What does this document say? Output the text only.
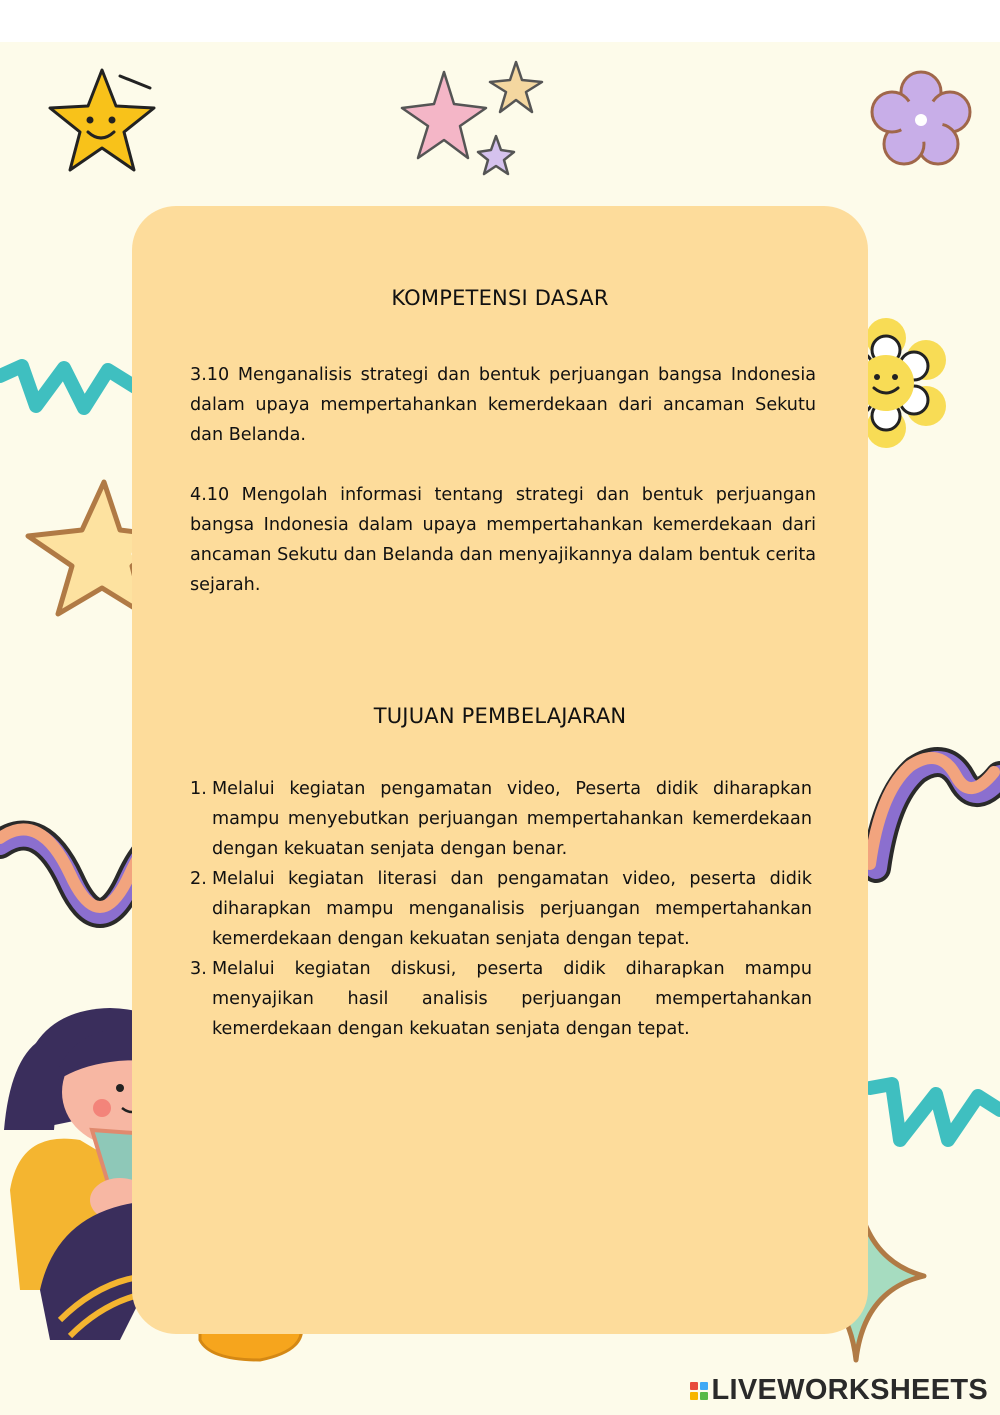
KOMPETENSI DASAR

3.10 Menganalisis strategi dan bentuk perjuangan bangsa Indonesia dalam upaya mempertahankan kemerdekaan dari ancaman Sekutu dan Belanda.

4.10 Mengolah informasi tentang strategi dan bentuk perjuangan bangsa Indonesia dalam upaya mempertahankan kemerdekaan dari ancaman Sekutu dan Belanda dan menyajikannya dalam bentuk cerita sejarah.

TUJUAN PEMBELAJARAN
1. Melalui kegiatan pengamatan video, Peserta didik diharapkan mampu menyebutkan perjuangan mempertahankan kemerdekaan dengan kekuatan senjata dengan benar.
2. Melalui kegiatan literasi dan pengamatan video, peserta didik diharapkan mampu menganalisis perjuangan mempertahankan kemerdekaan dengan kekuatan senjata dengan tepat.
3. Melalui kegiatan diskusi, peserta didik diharapkan mampu menyajikan hasil analisis perjuangan mempertahankan kemerdekaan dengan kekuatan senjata dengan tepat.
LIVEWORKSHEETS
